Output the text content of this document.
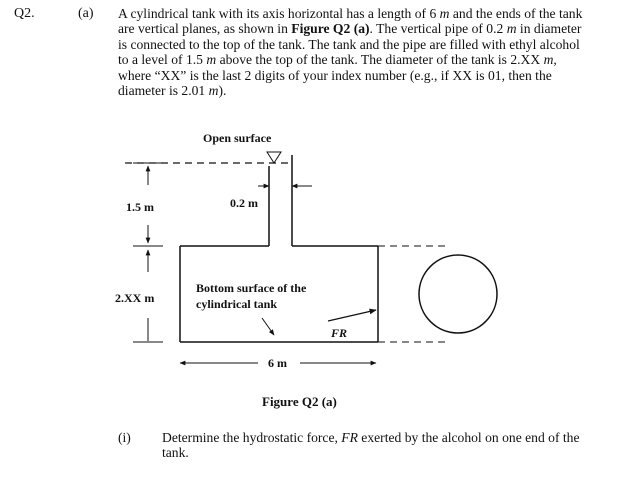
Q2.	(a) A cylindrical tank with its axis horizontal has a length of 6 m and the ends of the tank are vertical planes, as shown in Figure Q2 (a). The vertical pipe of 0.2 m in diameter is connected to the top of the tank. The tank and the pipe are filled with ethyl alcohol to a level of 1.5 m above the top of the tank. The diameter of the tank is 2.XX m, where “XX” is the last 2 digits of your index number (e.g., if XX is 01, then the diameter is 2.01 m).
Open surface
0.2 m
1.5 m
2.XX m
Bottom surface of the
cylindrical tank
FR
6 m
Figure Q2 (a)
(i) Determine the hydrostatic force, FR exerted by the alcohol on one end of the tank.
